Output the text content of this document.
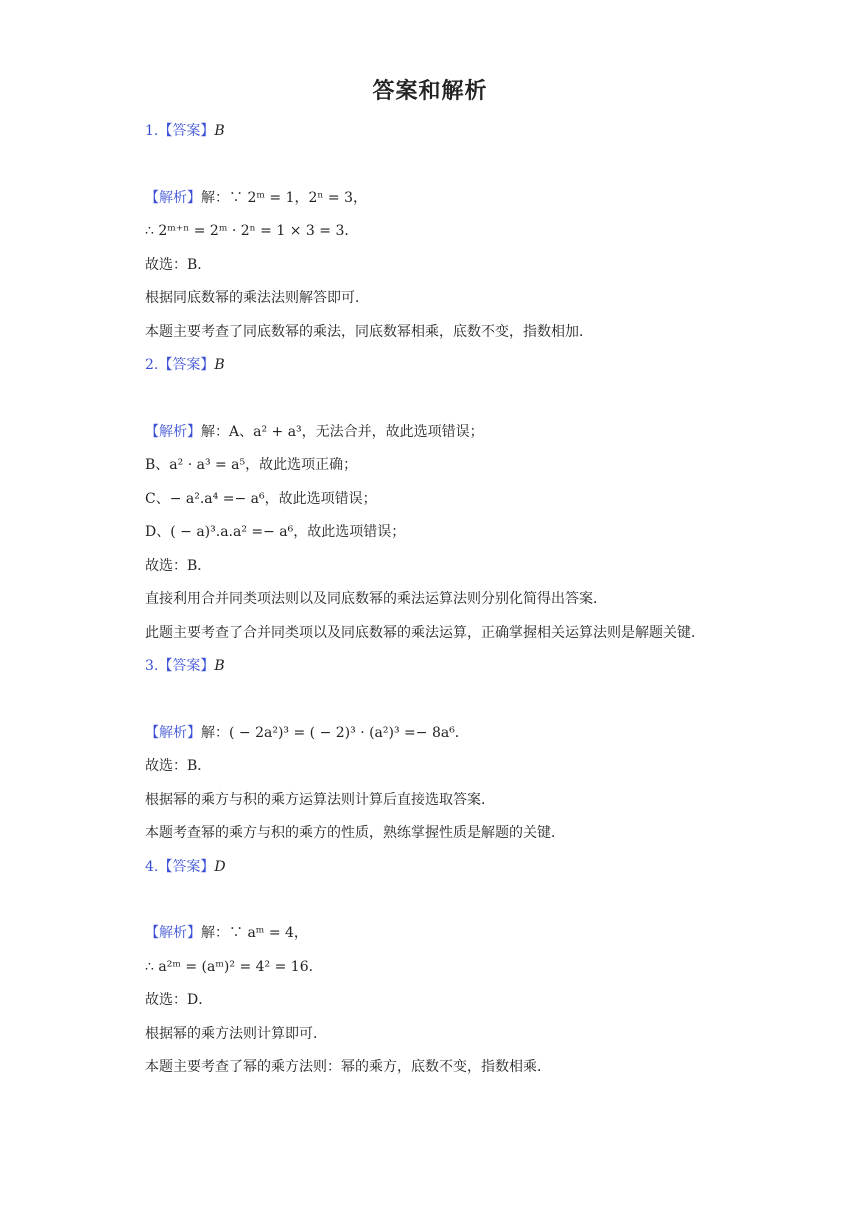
答案和解析
1.【答案】B
【解析】解：∵ 2ᵐ = 1，2ⁿ = 3，
∴ 2ᵐ⁺ⁿ = 2ᵐ · 2ⁿ = 1 × 3 = 3．
故选：B．
根据同底数幂的乘法法则解答即可．
本题主要考查了同底数幂的乘法，同底数幂相乘，底数不变，指数相加．
2.【答案】B
【解析】解：A、a² + a³，无法合并，故此选项错误；
B、a² · a³ = a⁵，故此选项正确；
C、− a².a⁴ =− a⁶，故此选项错误；
D、( − a)³.a.a² =− a⁶，故此选项错误；
故选：B．
直接利用合并同类项法则以及同底数幂的乘法运算法则分别化简得出答案．
此题主要考查了合并同类项以及同底数幂的乘法运算，正确掌握相关运算法则是解题关键．
3.【答案】B
【解析】解：( − 2a²)³ = ( − 2)³ · (a²)³ =− 8a⁶．
故选：B．
根据幂的乘方与积的乘方运算法则计算后直接选取答案．
本题考查幂的乘方与积的乘方的性质，熟练掌握性质是解题的关键．
4.【答案】D
【解析】解：∵ aᵐ = 4，
∴ a²ᵐ = (aᵐ)² = 4² = 16．
故选：D．
根据幂的乘方法则计算即可．
本题主要考查了幂的乘方法则：幂的乘方，底数不变，指数相乘．
